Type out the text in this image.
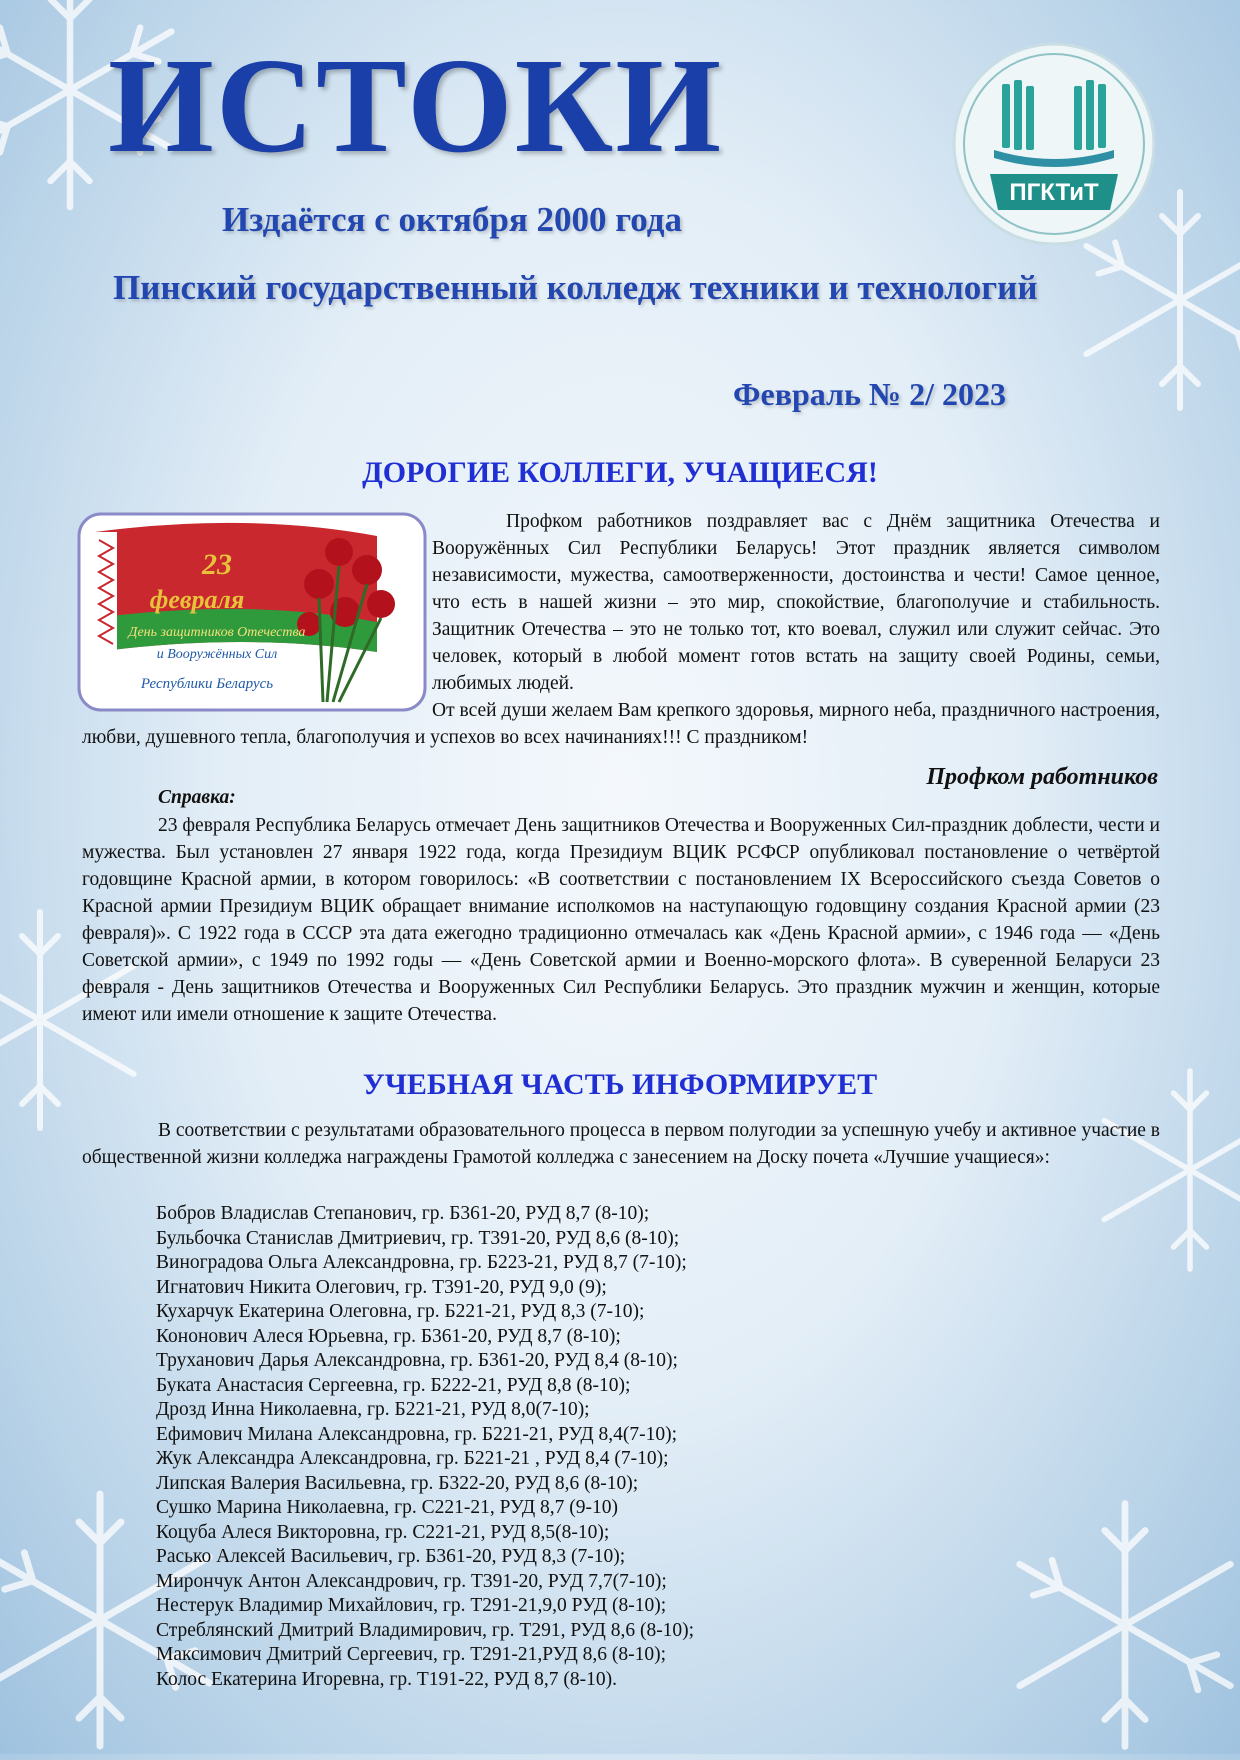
ИСТОКИ
Издаётся с октября 2000 года
Пинский государственный колледж техники и технологий
ПГКТиТ
Февраль № 2/ 2023
ДОРОГИЕ КОЛЛЕГИ, УЧАЩИЕСЯ!
23
февраля
День защитников Отечества
и Вооружённых Сил
Республики Беларусь
Профком работников поздравляет вас с Днём защитника Отечества и Вооружённых Сил Республики Беларусь! Этот праздник является символом независимости, мужества, самоотверженности, достоинства и чести! Самое ценное, что есть в нашей жизни – это мир, спокойствие, благополучие и стабильность. Защитник Отечества – это не только тот, кто воевал, служил или служит сейчас. Это человек, который в любой момент готов встать на защиту своей Родины, семьи, любимых людей.
От всей души желаем Вам крепкого здоровья, мирного неба, праздничного настроения, любви, душевного тепла, благополучия и успехов во всех начинаниях!!! С праздником!
Профком работников
Справка:
23 февраля Республика Беларусь отмечает День защитников Отечества и Вооруженных Сил-праздник доблести, чести и мужества. Был установлен 27 января 1922 года, когда Президиум ВЦИК РСФСР опубликовал постановление о четвёртой годовщине Красной армии, в котором говорилось: «В соответствии с постановлением IX Всероссийского съезда Советов о Красной армии Президиум ВЦИК обращает внимание исполкомов на наступающую годовщину создания Красной армии (23 февраля)». С 1922 года в СССР эта дата ежегодно традиционно отмечалась как «День Красной армии», с 1946 года — «День Советской армии», с 1949 по 1992 годы — «День Советской армии и Военно-морского флота». В суверенной Беларуси 23 февраля - День защитников Отечества и Вооруженных Сил Республики Беларусь. Это праздник мужчин и женщин, которые имеют или имели отношение к защите Отечества.
УЧЕБНАЯ ЧАСТЬ ИНФОРМИРУЕТ
В соответствии с результатами образовательного процесса в первом полугодии за успешную учебу и активное участие в общественной жизни колледжа награждены Грамотой колледжа с занесением на Доску почета «Лучшие учащиеся»:
Бобров Владислав Степанович, гр. Б361-20, РУД 8,7 (8-10);
Бульбочка Станислав Дмитриевич, гр. Т391-20, РУД 8,6 (8-10);
Виноградова Ольга Александровна, гр. Б223-21, РУД 8,7 (7-10);
Игнатович Никита Олегович, гр. Т391-20, РУД 9,0 (9);
Кухарчук Екатерина Олеговна, гр. Б221-21, РУД 8,3 (7-10);
Кононович Алеся Юрьевна, гр. Б361-20, РУД 8,7 (8-10);
Труханович Дарья Александровна, гр. Б361-20, РУД 8,4 (8-10);
Буката Анастасия Сергеевна, гр. Б222-21, РУД 8,8 (8-10);
Дрозд Инна Николаевна, гр. Б221-21, РУД 8,0(7-10);
Ефимович Милана Александровна, гр. Б221-21, РУД 8,4(7-10);
Жук Александра Александровна, гр. Б221-21 , РУД 8,4 (7-10);
Липская Валерия Васильевна, гр. Б322-20, РУД 8,6 (8-10);
Сушко Марина Николаевна, гр. С221-21, РУД 8,7 (9-10)
Коцуба Алеся Викторовна, гр. С221-21, РУД 8,5(8-10);
Расько Алексей Васильевич, гр. Б361-20, РУД 8,3 (7-10);
Мирончук Антон Александрович, гр. Т391-20, РУД 7,7(7-10);
Нестерук Владимир Михайлович, гр. Т291-21,9,0 РУД (8-10);
Стреблянский Дмитрий Владимирович, гр. Т291, РУД 8,6 (8-10);
Максимович Дмитрий Сергеевич, гр. Т291-21,РУД 8,6 (8-10);
Колос Екатерина Игоревна, гр. Т191-22, РУД 8,7 (8-10).
